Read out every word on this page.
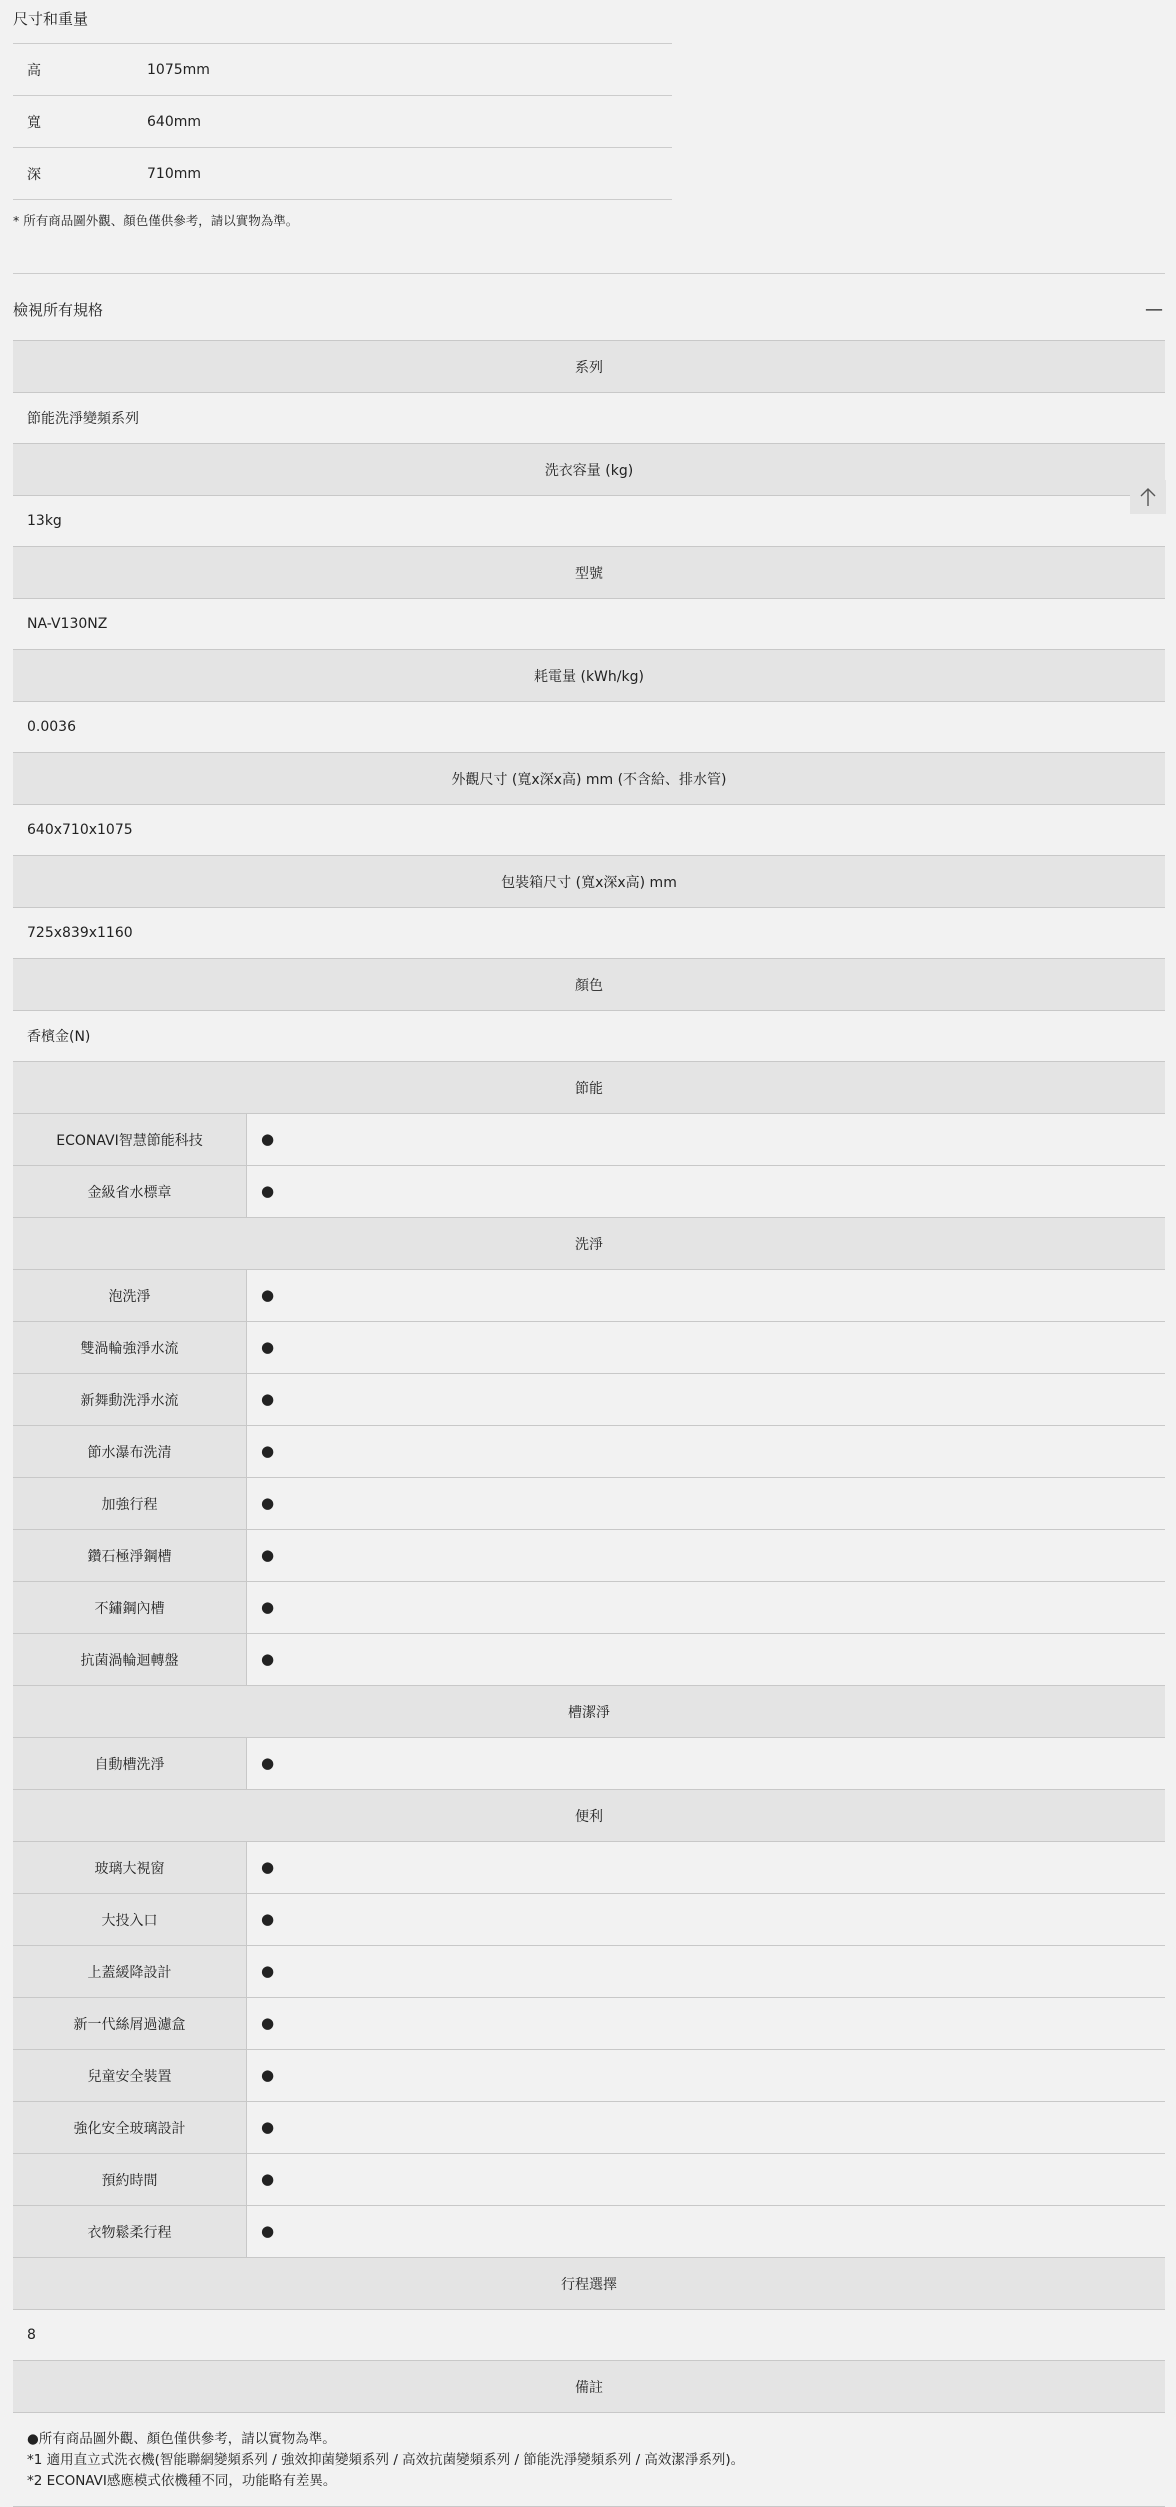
尺寸和重量
高	1075mm
寬	640mm
深	710mm
* 所有商品圖外觀、顏色僅供參考，請以實物為準。
檢視所有規格	—
系列
節能洗淨變頻系列
洗衣容量 (kg)
13kg
型號
NA-V130NZ
耗電量 (kWh/kg)
0.0036
外觀尺寸 (寬x深x高) mm (不含給、排水管)
640x710x1075
包裝箱尺寸 (寬x深x高) mm
725x839x1160
顏色
香檳金(N)
節能
ECONAVI智慧節能科技	●
金級省水標章	●
洗淨
泡洗淨	●
雙渦輪強淨水流	●
新舞動洗淨水流	●
節水瀑布洗清	●
加強行程	●
鑽石極淨鋼槽	●
不鏽鋼內槽	●
抗菌渦輪迴轉盤	●
槽潔淨
自動槽洗淨	●
便利
玻璃大視窗	●
大投入口	●
上蓋緩降設計	●
新一代絲屑過濾盒	●
兒童安全裝置	●
強化安全玻璃設計	●
預約時間	●
衣物鬆柔行程	●
行程選擇
8
備註
●所有商品圖外觀、顏色僅供參考，請以實物為準。
*1 適用直立式洗衣機(智能聯網變頻系列 / 強效抑菌變頻系列 / 高效抗菌變頻系列 / 節能洗淨變頻系列 / 高效潔淨系列)。
*2 ECONAVI感應模式依機種不同，功能略有差異。
